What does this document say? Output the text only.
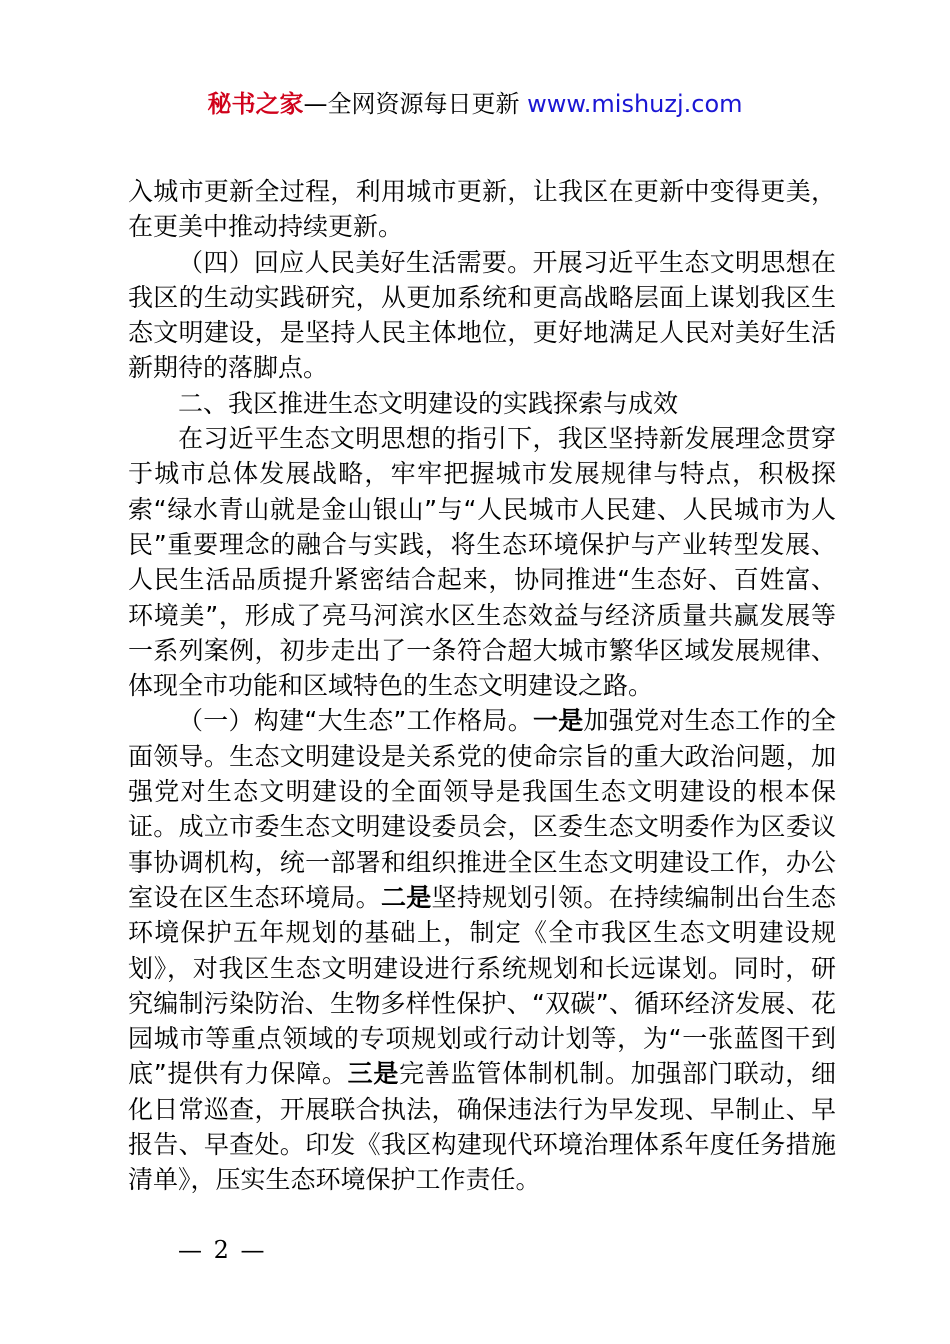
秘书之家—全网资源每日更新 www.mishuzj.com

入城市更新全过程，利用城市更新，让我区在更新中变得更美，在更美中推动持续更新。

（四）回应人民美好生活需要。开展习近平生态文明思想在我区的生动实践研究，从更加系统和更高战略层面上谋划我区生态文明建设，是坚持人民主体地位，更好地满足人民对美好生活新期待的落脚点。

二、我区推进生态文明建设的实践探索与成效

在习近平生态文明思想的指引下，我区坚持新发展理念贯穿于城市总体发展战略，牢牢把握城市发展规律与特点，积极探索“绿水青山就是金山银山”与“人民城市人民建、人民城市为人民”重要理念的融合与实践，将生态环境保护与产业转型发展、人民生活品质提升紧密结合起来，协同推进“生态好、百姓富、环境美”，形成了亮马河滨水区生态效益与经济质量共赢发展等一系列案例，初步走出了一条符合超大城市繁华区域发展规律、体现全市功能和区域特色的生态文明建设之路。

（一）构建“大生态”工作格局。一是加强党对生态工作的全面领导。生态文明建设是关系党的使命宗旨的重大政治问题，加强党对生态文明建设的全面领导是我国生态文明建设的根本保证。成立市委生态文明建设委员会，区委生态文明委作为区委议事协调机构，统一部署和组织推进全区生态文明建设工作，办公室设在区生态环境局。二是坚持规划引领。在持续编制出台生态环境保护五年规划的基础上，制定《全市我区生态文明建设规划》，对我区生态文明建设进行系统规划和长远谋划。同时，研究编制污染防治、生物多样性保护、“双碳”、循环经济发展、花园城市等重点领域的专项规划或行动计划等，为“一张蓝图干到底”提供有力保障。三是完善监管体制机制。加强部门联动，细化日常巡查，开展联合执法，确保违法行为早发现、早制止、早报告、早查处。印发《我区构建现代环境治理体系年度任务措施清单》，压实生态环境保护工作责任。

— 2 —
